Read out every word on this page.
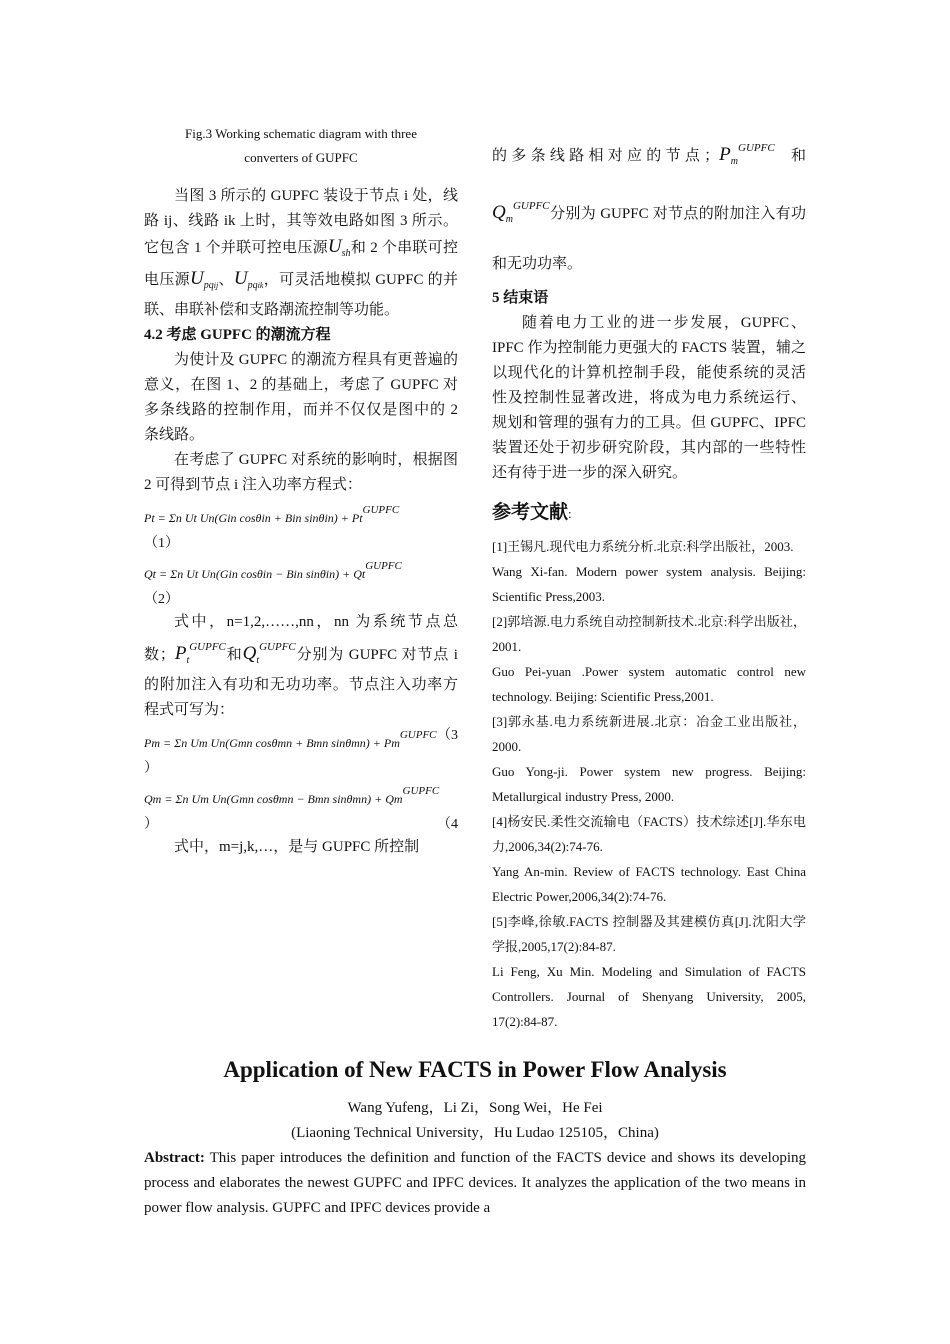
Fig.3 Working schematic diagram with three
converters of GUPFC

当图 3 所示的 GUPFC 装设于节点 i 处，线路 ij、线路 ik 上时，其等效电路如图 3 所示。它包含 1 个并联可控电压源$U_{sh}$和 2 个串联可控电压源$U_{pqij}$、$U_{pqik}$，可灵活地模拟 GUPFC 的并联、串联补偿和支路潮流控制等功能。

4.2 考虑 GUPFC 的潮流方程

为使计及 GUPFC 的潮流方程具有更普遍的意义，在图 1、2 的基础上，考虑了 GUPFC 对多条线路的控制作用，而并不仅仅是图中的 2 条线路。

在考虑了 GUPFC 对系统的影响时，根据图 2 可得到节点 i 注入功率方程式：

Pt = Σn Ut Un(Gin cosθin + Bin $\sin\theta in) + Pt^{GUPFC}$
（1）
Qt = Σn Ut Un(Gin cosθin − Bin $\sin\theta in) + Qt^{GUPFC}$
（2）

式中，n=1,2,……,nn，nn 为系统节点总数；$P_t^{GUPFC}$和$Q_t^{GUPFC}$分别为 GUPFC 对节点 i 的附加注入有功和无功功率。节点注入功率方程式可写为：

Pm = Σn Um Un(Gmn cosθmn + Bmn $\sin\theta mn) + Pm^{GUPFC}$ （3
）
Qm = Σn Um Un(Gmn cosθmn − Bmn $\sin\theta mn) + Qm^{GUPFC}$
（4
）

式中，m=j,k,…，是与 GUPFC 所控制

的多条线路相对应的节点；$P_m^{GUPFC}$ 和 $Q_m^{GUPFC}$分别为 GUPFC 对节点的附加注入有功和无功功率。

5 结束语

随着电力工业的进一步发展，GUPFC、IPFC 作为控制能力更强大的 FACTS 装置，辅之以现代化的计算机控制手段，能使系统的灵活性及控制性显著改进，将成为电力系统运行、规划和管理的强有力的工具。但 GUPFC、IPFC 装置还处于初步研究阶段，其内部的一些特性还有待于进一步的深入研究。

参考文献:

[1]王锡凡.现代电力系统分析.北京:科学出版社，2003.

Wang Xi-fan. Modern power system analysis. Beijing: Scientific Press,2003.

[2]郭培源.电力系统自动控制新技术.北京:科学出版社，2001.

Guo Pei-yuan .Power system automatic control new technology. Beijing: Scientific Press,2001.

[3]郭永基.电力系统新进展.北京：冶金工业出版社，2000.

Guo Yong-ji. Power system new progress. Beijing: Metallurgical industry Press, 2000.

[4]杨安民.柔性交流输电（FACTS）技术综述[J].华东电力,2006,34(2):74-76.

Yang An-min. Review of FACTS technology. East China Electric Power,2006,34(2):74-76.

[5]李峰,徐敏.FACTS 控制器及其建模仿真[J].沈阳大学学报,2005,17(2):84-87.

Li Feng, Xu Min. Modeling and Simulation of FACTS Controllers. Journal of Shenyang University, 2005, 17(2):84-87.

Application of New FACTS in Power Flow Analysis
Wang Yufeng，Li Zi，Song Wei，He Fei
(Liaoning Technical University，Hu Ludao 125105，China)

Abstract: This paper introduces the definition and function of the FACTS device and shows its developing process and elaborates the newest GUPFC and IPFC devices. It analyzes the application of the two means in power flow analysis. GUPFC and IPFC devices provide a
